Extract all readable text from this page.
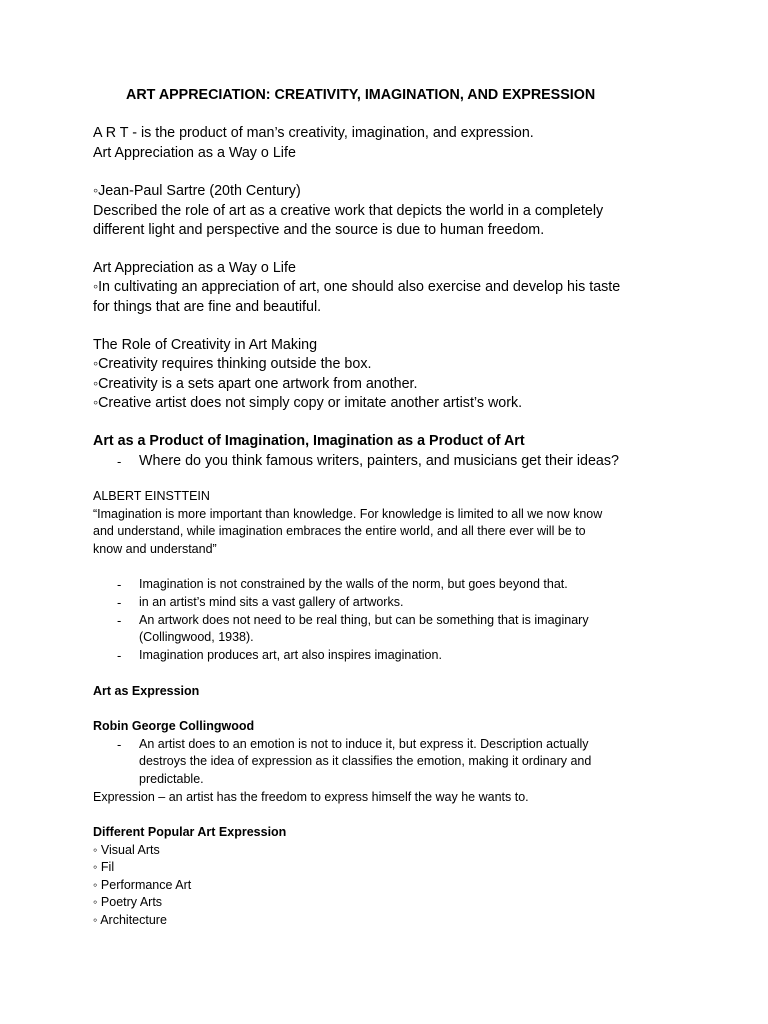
ART APPRECIATION: CREATIVITY, IMAGINATION, AND EXPRESSION
A R T - is the product of man’s creativity, imagination, and expression.
Art Appreciation as a Way o Life
◦Jean-Paul Sartre (20th Century)
Described the role of art as a creative work that depicts the world in a completely
different light and perspective and the source is due to human freedom.
Art Appreciation as a Way o Life
◦In cultivating an appreciation of art, one should also exercise and develop his taste
for things that are fine and beautiful.
The Role of Creativity in Art Making
◦Creativity requires thinking outside the box.
◦Creativity is a sets apart one artwork from another.
◦Creative artist does not simply copy or imitate another artist’s work.
Art as a Product of Imagination, Imagination as a Product of Art
- Where do you think famous writers, painters, and musicians get their ideas?
ALBERT EINSTTEIN
“Imagination is more important than knowledge. For knowledge is limited to all we now know
and understand, while imagination embraces the entire world, and all there ever will be to
know and understand”
- Imagination is not constrained by the walls of the norm, but goes beyond that.
- in an artist’s mind sits a vast gallery of artworks.
- An artwork does not need to be real thing, but can be something that is imaginary
(Collingwood, 1938).
- Imagination produces art, art also inspires imagination.
Art as Expression
Robin George Collingwood
- An artist does to an emotion is not to induce it, but express it. Description actually
destroys the idea of expression as it classifies the emotion, making it ordinary and
predictable.
Expression – an artist has the freedom to express himself the way he wants to.
Different Popular Art Expression
◦ Visual Arts
◦ Fil
◦ Performance Art
◦ Poetry Arts
◦ Architecture
